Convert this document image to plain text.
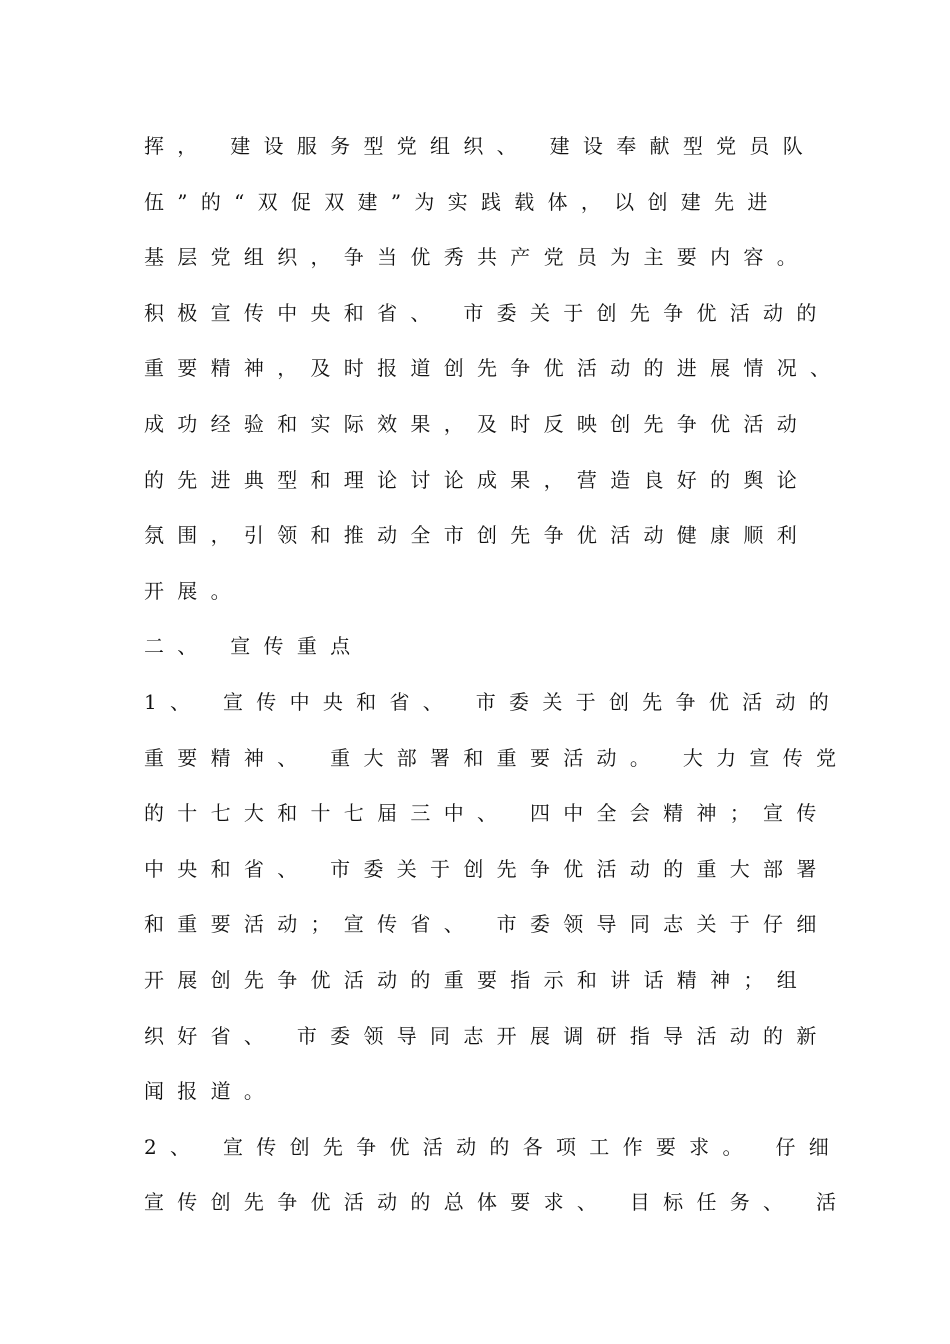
挥， 建设服务型党组织、 建设奉献型党员队
伍”的“双促双建”为实践载体，以创建先进
基层党组织，争当优秀共产党员为主要内容。
积极宣传中央和省、 市委关于创先争优活动的
重要精神，及时报道创先争优活动的进展情况、
成功经验和实际效果，及时反映创先争优活动
的先进典型和理论讨论成果，营造良好的舆论
氛围，引领和推动全市创先争优活动健康顺利
开展。
二、 宣传重点
1、 宣传中央和省、 市委关于创先争优活动的
重要精神、 重大部署和重要活动。 大力宣传党
的十七大和十七届三中、 四中全会精神；宣传
中央和省、 市委关于创先争优活动的重大部署
和重要活动；宣传省、 市委领导同志关于仔细
开展创先争优活动的重要指示和讲话精神；组
织好省、 市委领导同志开展调研指导活动的新
闻报道。
2、 宣传创先争优活动的各项工作要求。 仔细
宣传创先争优活动的总体要求、 目标任务、 活
